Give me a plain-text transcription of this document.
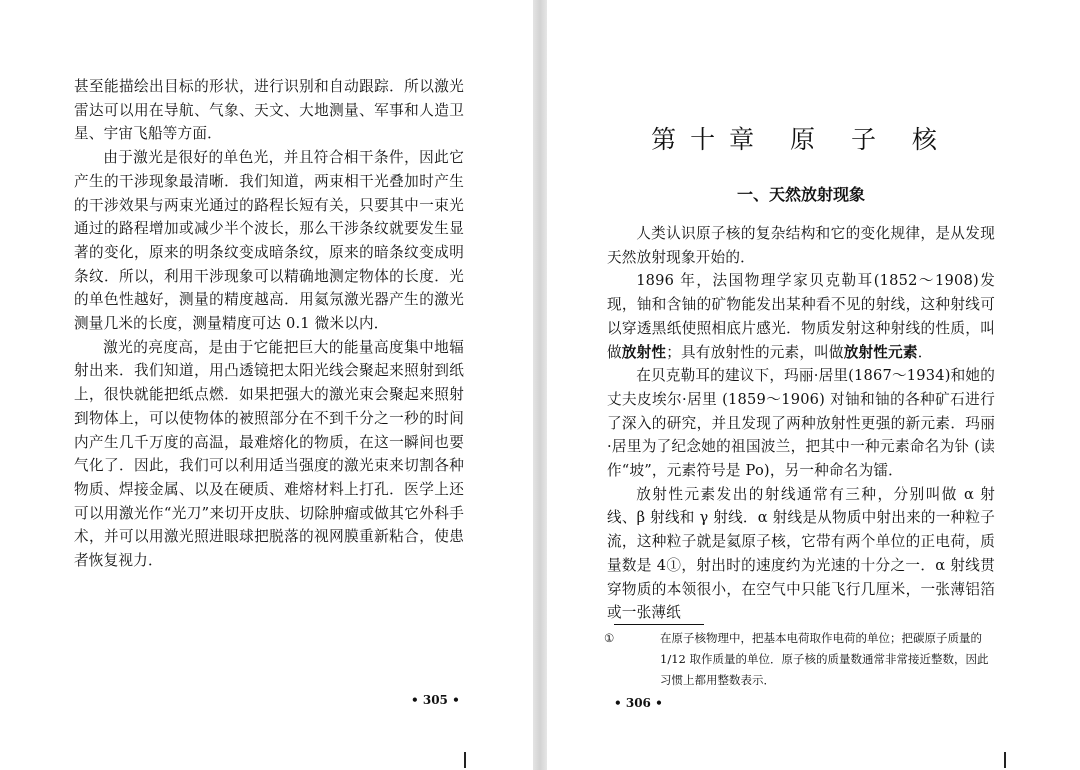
甚至能描绘出目标的形状，进行识别和自动跟踪．所以激光雷达可以用在导航、气象、天文、大地测量、军事和人造卫星、宇宙飞船等方面．

由于激光是很好的单色光，并且符合相干条件，因此它产生的干涉现象最清晰．我们知道，两束相干光叠加时产生的干涉效果与两束光通过的路程长短有关，只要其中一束光通过的路程增加或减少半个波长，那么干涉条纹就要发生显著的变化，原来的明条纹变成暗条纹，原来的暗条纹变成明条纹．所以，利用干涉现象可以精确地测定物体的长度．光的单色性越好，测量的精度越高．用氦氖激光器产生的激光测量几米的长度，测量精度可达 0.1 微米以内．

激光的亮度高，是由于它能把巨大的能量高度集中地辐射出来．我们知道，用凸透镜把太阳光线会聚起来照射到纸上，很快就能把纸点燃．如果把强大的激光束会聚起来照射到物体上，可以使物体的被照部分在不到千分之一秒的时间内产生几千万度的高温，最难熔化的物质，在这一瞬间也要气化了．因此，我们可以利用适当强度的激光束来切割各种物质、焊接金属、以及在硬质、难熔材料上打孔．医学上还可以用激光作“光刀”来切开皮肤、切除肿瘤或做其它外科手术，并可以用激光照进眼球把脱落的视网膜重新粘合，使患者恢复视力．

• 305 •
第十章 原 子 核
一、天然放射现象

人类认识原子核的复杂结构和它的变化规律，是从发现天然放射现象开始的．

1896 年，法国物理学家贝克勒耳(1852～1908)发现，铀和含铀的矿物能发出某种看不见的射线，这种射线可以穿透黑纸使照相底片感光．物质发射这种射线的性质，叫做放射性；具有放射性的元素，叫做放射性元素．

在贝克勒耳的建议下，玛丽·居里(1867～1934)和她的丈夫皮埃尔·居里 (1859～1906) 对铀和铀的各种矿石进行了深入的研究，并且发现了两种放射性更强的新元素．玛丽·居里为了纪念她的祖国波兰，把其中一种元素命名为钋 (读作“坡”，元素符号是 Po)，另一种命名为镭．

放射性元素发出的射线通常有三种，分别叫做 α 射线、β 射线和 γ 射线．α 射线是从物质中射出来的一种粒子流，这种粒子就是氦原子核，它带有两个单位的正电荷，质量数是 4①，射出时的速度约为光速的十分之一．α 射线贯穿物质的本领很小，在空气中只能飞行几厘米，一张薄铝箔或一张薄纸

①	在原子核物理中，把基本电荷取作电荷的单位；把碳原子质量的 1/12 取作质量的单位．原子核的质量数通常非常接近整数，因此习惯上都用整数表示．

• 306 •
